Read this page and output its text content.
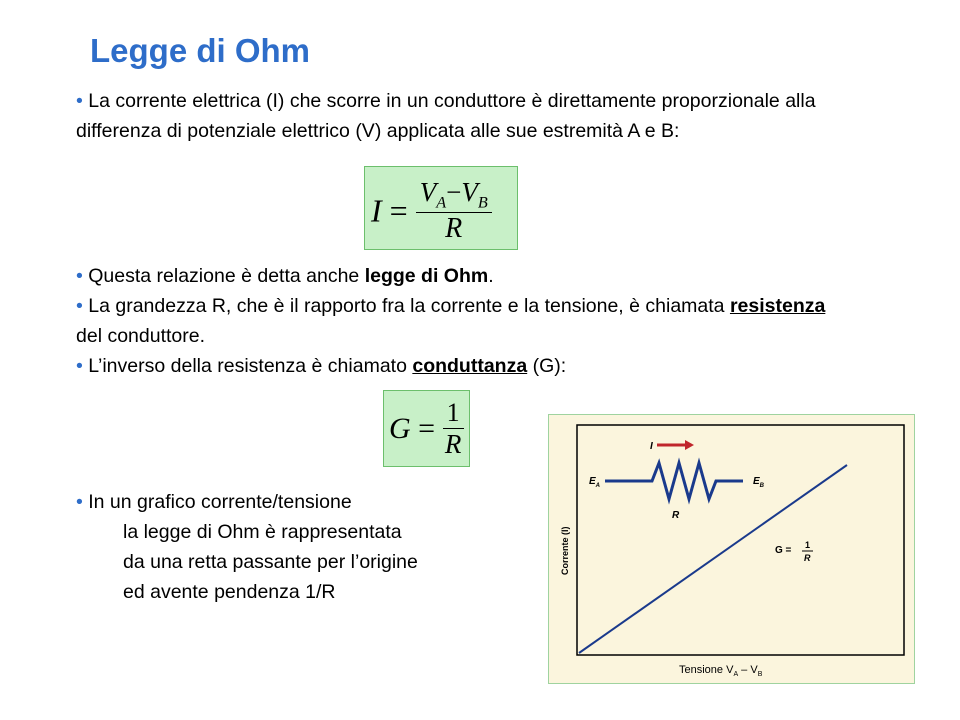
Legge di Ohm
• La corrente elettrica (I) che scorre in un conduttore è direttamente proporzionale alla differenza di potenziale elettrico (V) applicata alle sue estremità A e B:
$I = \frac{V_A-V_B}{R}$
• Questa relazione è detta anche legge di Ohm.
• La grandezza R, che è il rapporto fra la corrente e la tensione, è chiamata resistenza del conduttore.
• L’inverso della resistenza è chiamato conduttanza (G):
$G = \frac{1}{R}$
• In un grafico corrente/tensione
la legge di Ohm è rappresentata
da una retta passante per l’origine
ed avente pendenza 1/R
I
$E_A$	$E_B$
R
G = 1
R
Corrente (I)
Tensione $V_A - V_B$
